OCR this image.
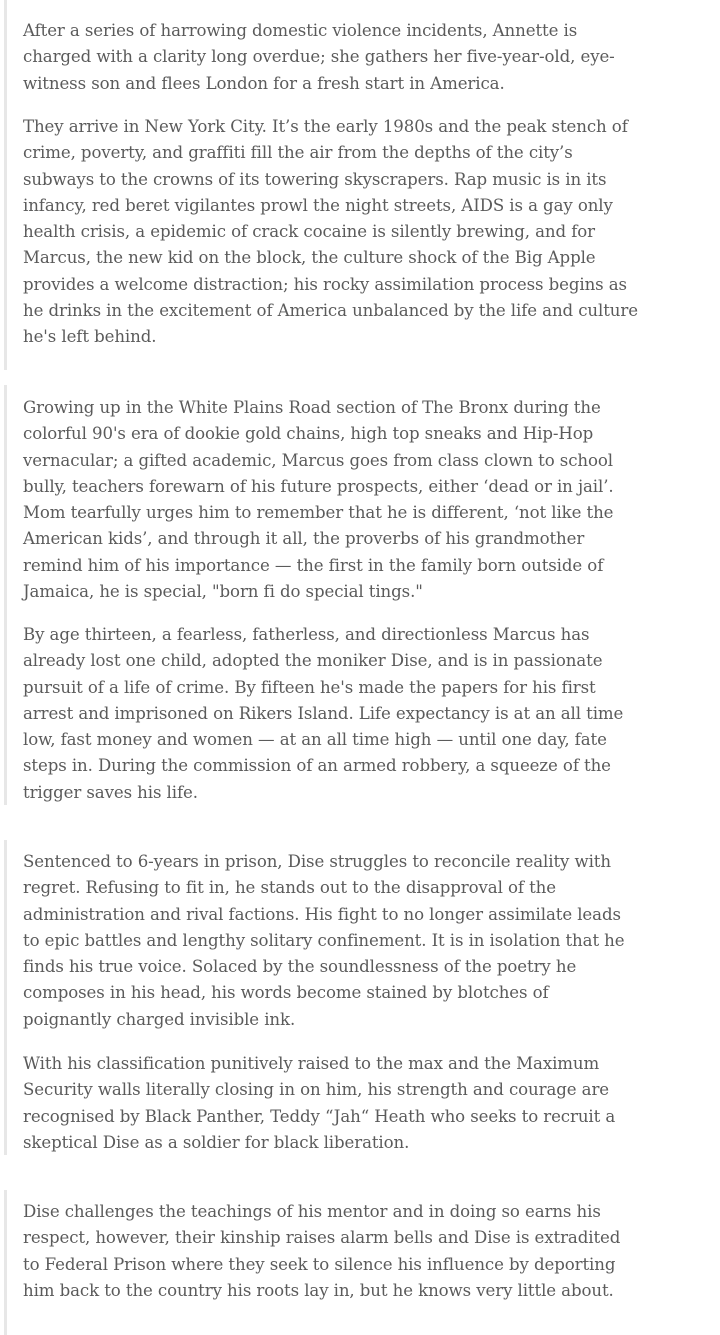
After a series of harrowing domestic violence incidents, Annette is charged with a clarity long overdue; she gathers her five-year-old, eye-witness son and flees London for a fresh start in America.

They arrive in New York City. It’s the early 1980s and the peak stench of crime, poverty, and graffiti fill the air from the depths of the city’s subways to the crowns of its towering skyscrapers. Rap music is in its infancy, red beret vigilantes prowl the night streets, AIDS is a gay only health crisis, a epidemic of crack cocaine is silently brewing, and for Marcus, the new kid on the block, the culture shock of the Big Apple provides a welcome distraction; his rocky assimilation process begins as he drinks in the excitement of America unbalanced by the life and culture he's left behind.

Growing up in the White Plains Road section of The Bronx during the colorful 90's era of dookie gold chains, high top sneaks and Hip-Hop vernacular; a gifted academic, Marcus goes from class clown to school bully, teachers forewarn of his future prospects, either ‘dead or in jail’. Mom tearfully urges him to remember that he is different, ‘not like the American kids’, and through it all, the proverbs of his grandmother remind him of his importance — the first in the family born outside of Jamaica, he is special, "born fi do special tings."

By age thirteen, a fearless, fatherless, and directionless Marcus has already lost one child, adopted the moniker Dise, and is in passionate pursuit of a life of crime. By fifteen he's made the papers for his first arrest and imprisoned on Rikers Island. Life expectancy is at an all time low, fast money and women — at an all time high — until one day, fate steps in. During the commission of an armed robbery, a squeeze of the trigger saves his life.

Sentenced to 6-years in prison, Dise struggles to reconcile reality with regret. Refusing to fit in, he stands out to the disapproval of the administration and rival factions. His fight to no longer assimilate leads to epic battles and lengthy solitary confinement. It is in isolation that he finds his true voice. Solaced by the soundlessness of the poetry he composes in his head, his words become stained by blotches of poignantly charged invisible ink.

With his classification punitively raised to the max and the Maximum Security walls literally closing in on him, his strength and courage are recognised by Black Panther, Teddy “Jah“ Heath who seeks to recruit a skeptical Dise as a soldier for black liberation.

Dise challenges the teachings of his mentor and in doing so earns his respect, however, their kinship raises alarm bells and Dise is extradited to Federal Prison where they seek to silence his influence by deporting him back to the country his roots lay in, but he knows very little about.
